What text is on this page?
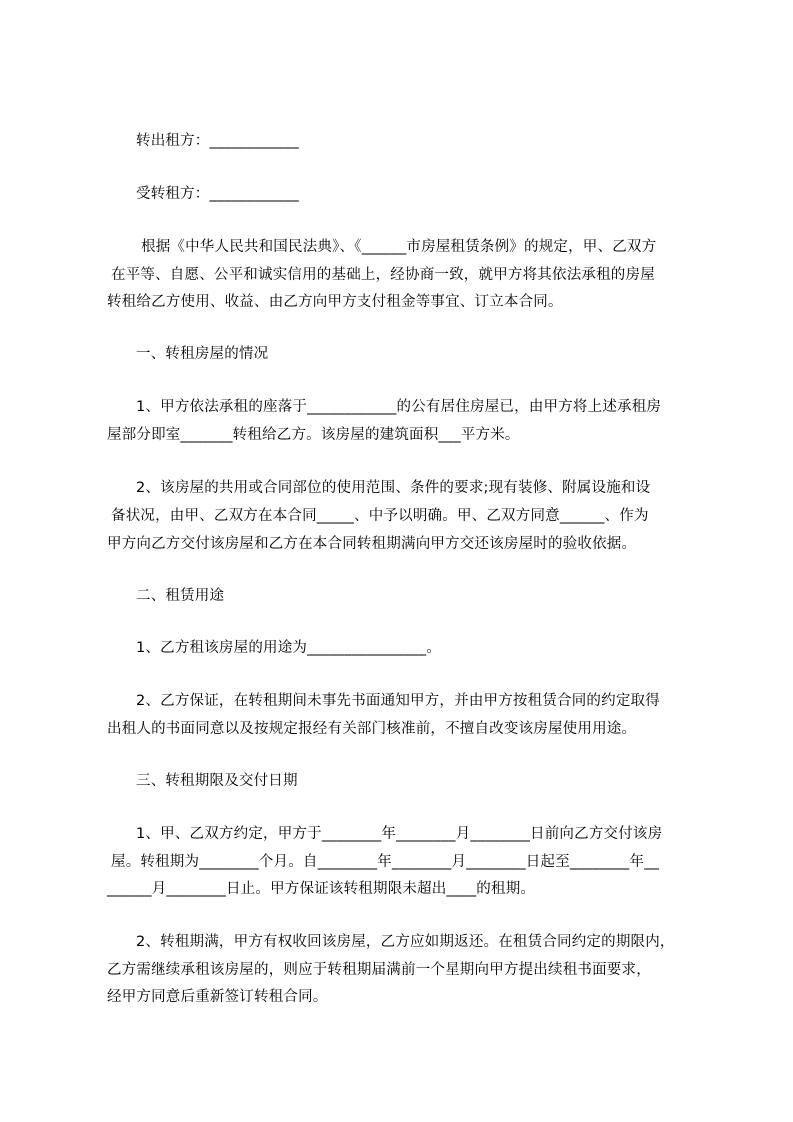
转出租方：____________
受转租方：____________
根据《中华人民共和国民法典》、《______市房屋租赁条例》的规定，甲、乙双方
在平等、自愿、公平和诚实信用的基础上，经协商一致，就甲方将其依法承租的房屋
转租给乙方使用、收益、由乙方向甲方支付租金等事宜、订立本合同。
一、转租房屋的情况
1、甲方依法承租的座落于____________的公有居住房屋已，由甲方将上述承租房
屋部分即室_______转租给乙方。该房屋的建筑面积___平方米。
2、该房屋的共用或合同部位的使用范围、条件的要求;现有装修、附属设施和设
备状况，由甲、乙双方在本合同_____、中予以明确。甲、乙双方同意______、作为
甲方向乙方交付该房屋和乙方在本合同转租期满向甲方交还该房屋时的验收依据。
二、租赁用途
1、乙方租该房屋的用途为________________。
2、乙方保证，在转租期间未事先书面通知甲方，并由甲方按租赁合同的约定取得
出租人的书面同意以及按规定报经有关部门核准前，不擅自改变该房屋使用用途。
三、转租期限及交付日期
1、甲、乙双方约定，甲方于________年________月________日前向乙方交付该房
屋。转租期为________个月。自________年________月________日起至________年__
______月________日止。甲方保证该转租期限未超出____的租期。
2、转租期满，甲方有权收回该房屋，乙方应如期返还。在租赁合同约定的期限内，
乙方需继续承租该房屋的，则应于转租期届满前一个星期向甲方提出续租书面要求，
经甲方同意后重新签订转租合同。
